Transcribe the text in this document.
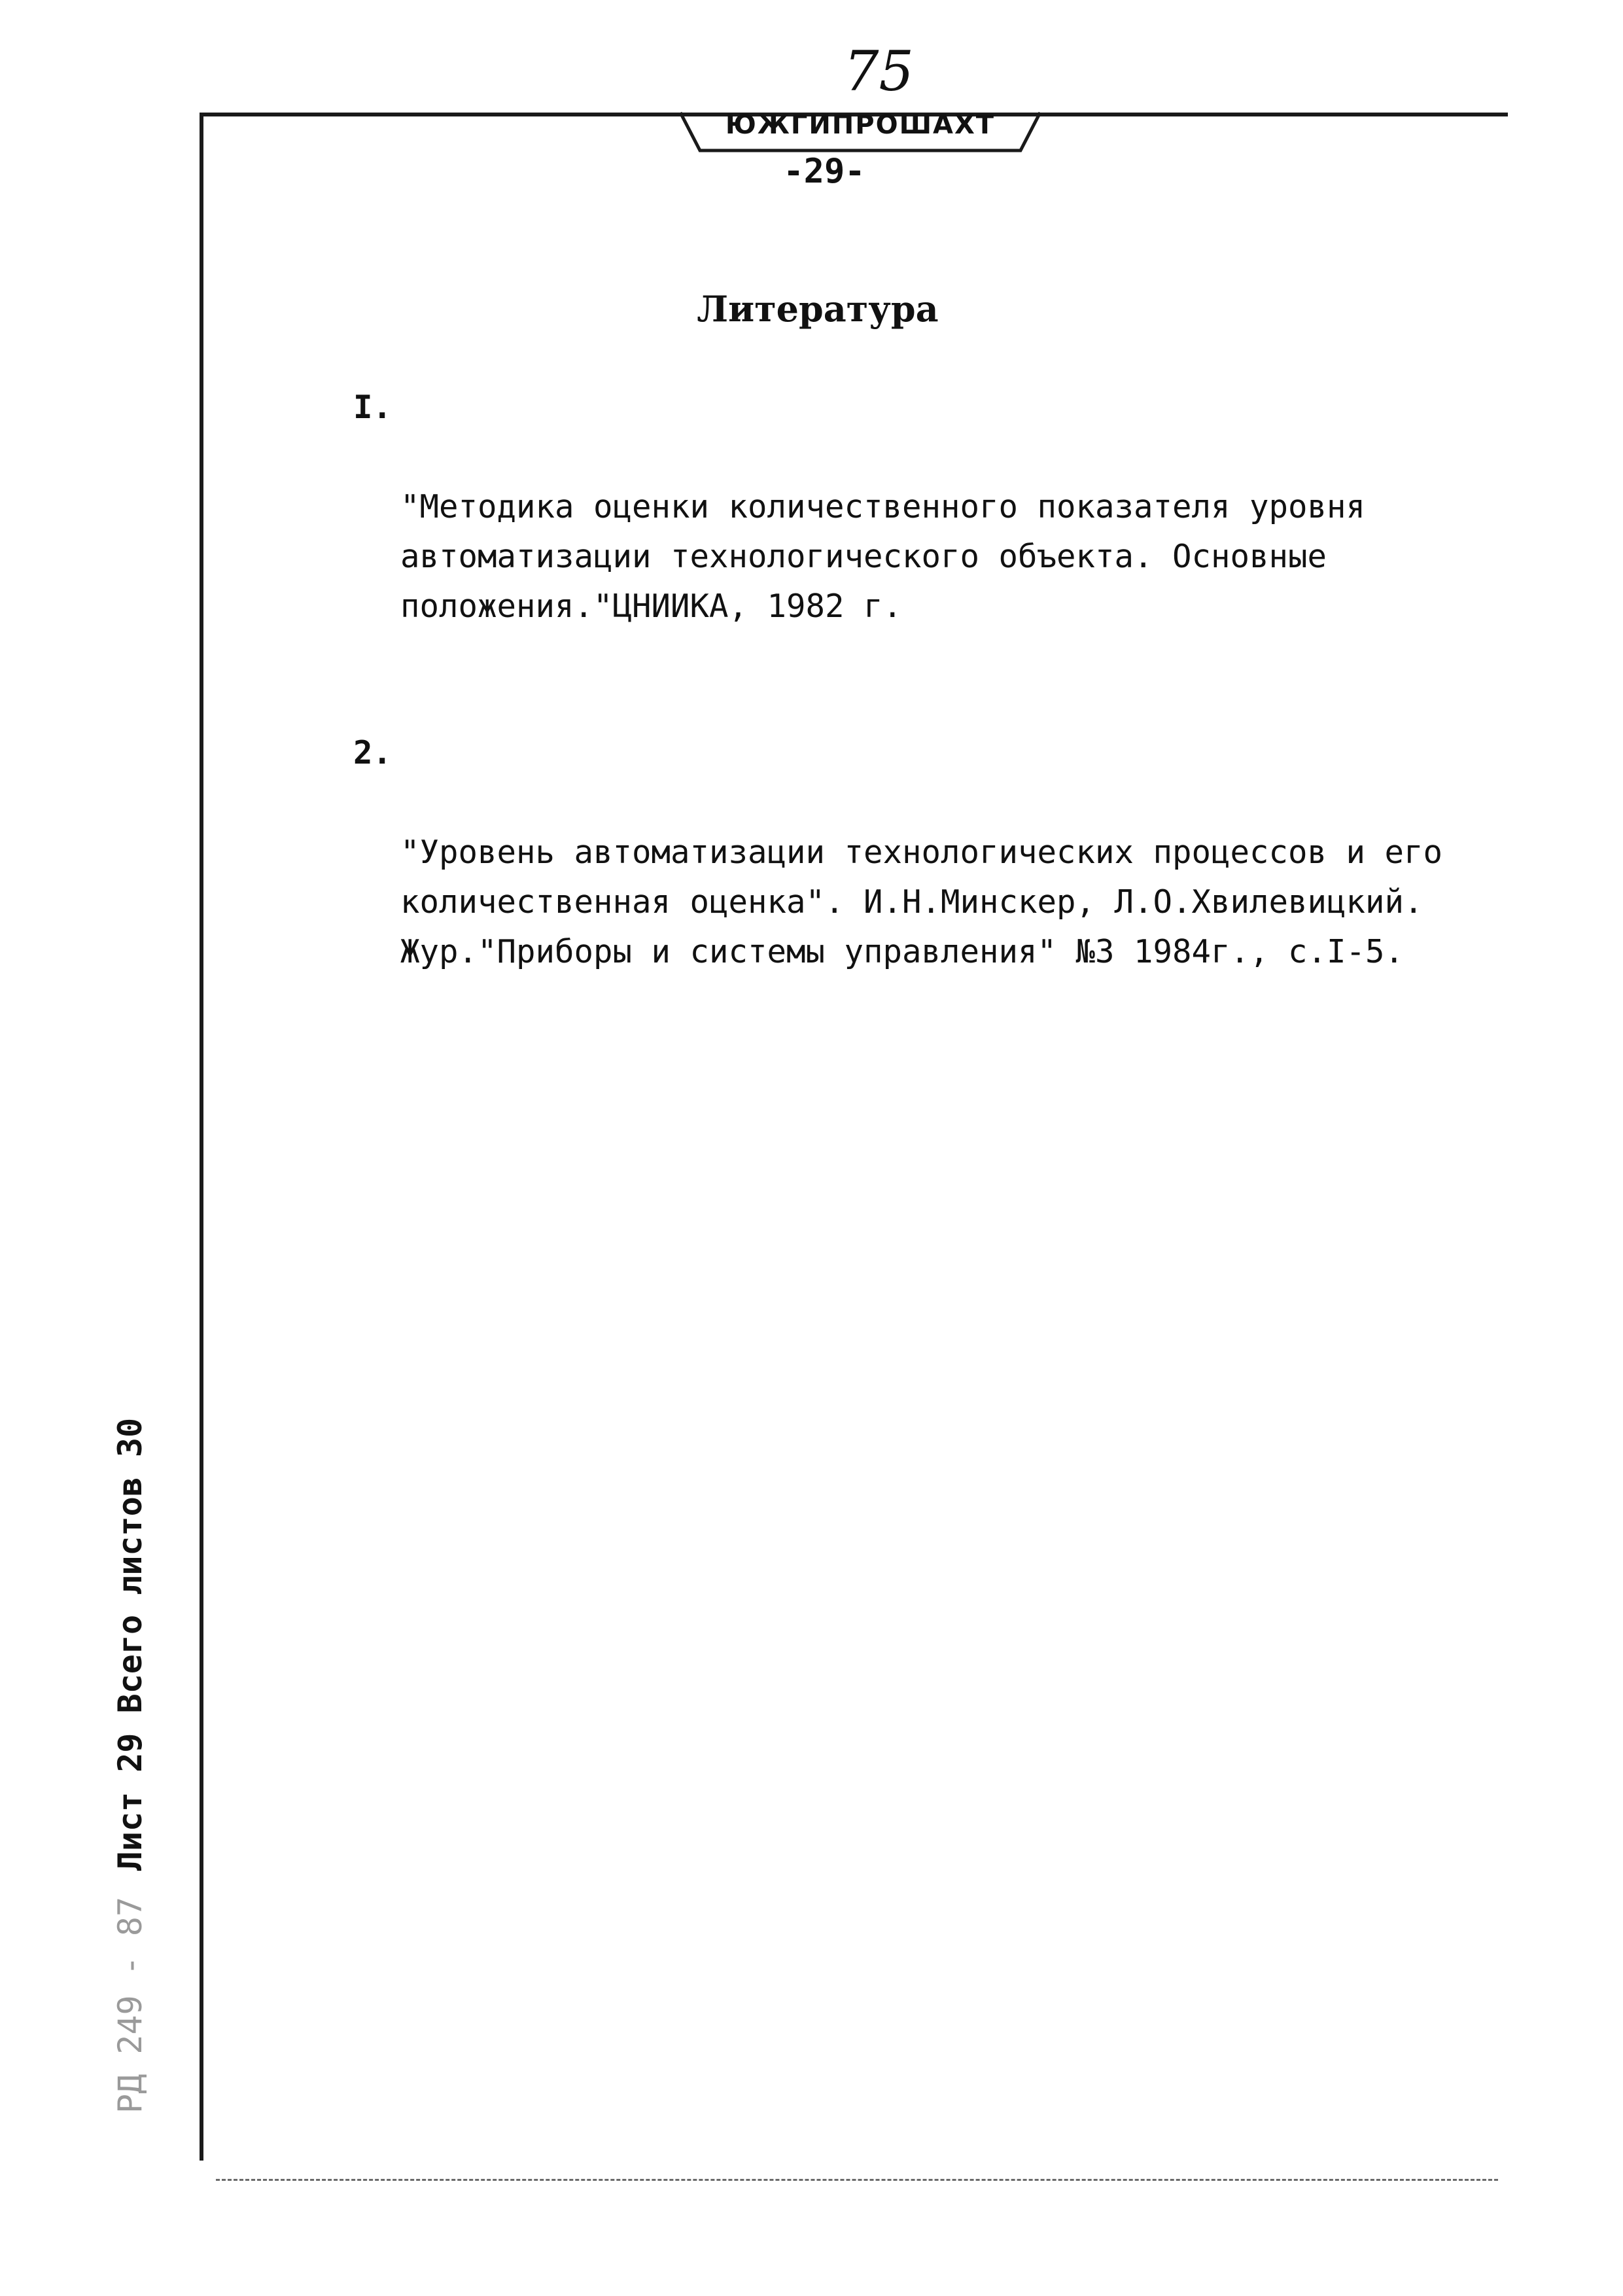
75
ЮЖГИПРОШАХТ
-29-
Литература

I.

"Методика оценки количественного показателя уровня
автоматизации технологического объекта. Основные
положения."ЦНИИКА, 1982 г.

2.

"Уровень автоматизации технологических процессов и его
количественная оценка". И.Н.Минскер, Л.О.Хвилевицкий.
Жур."Приборы и системы управления" №3 1984г., с.I-5.

РД 249 - 87 Лист 29 Всего листов 30
